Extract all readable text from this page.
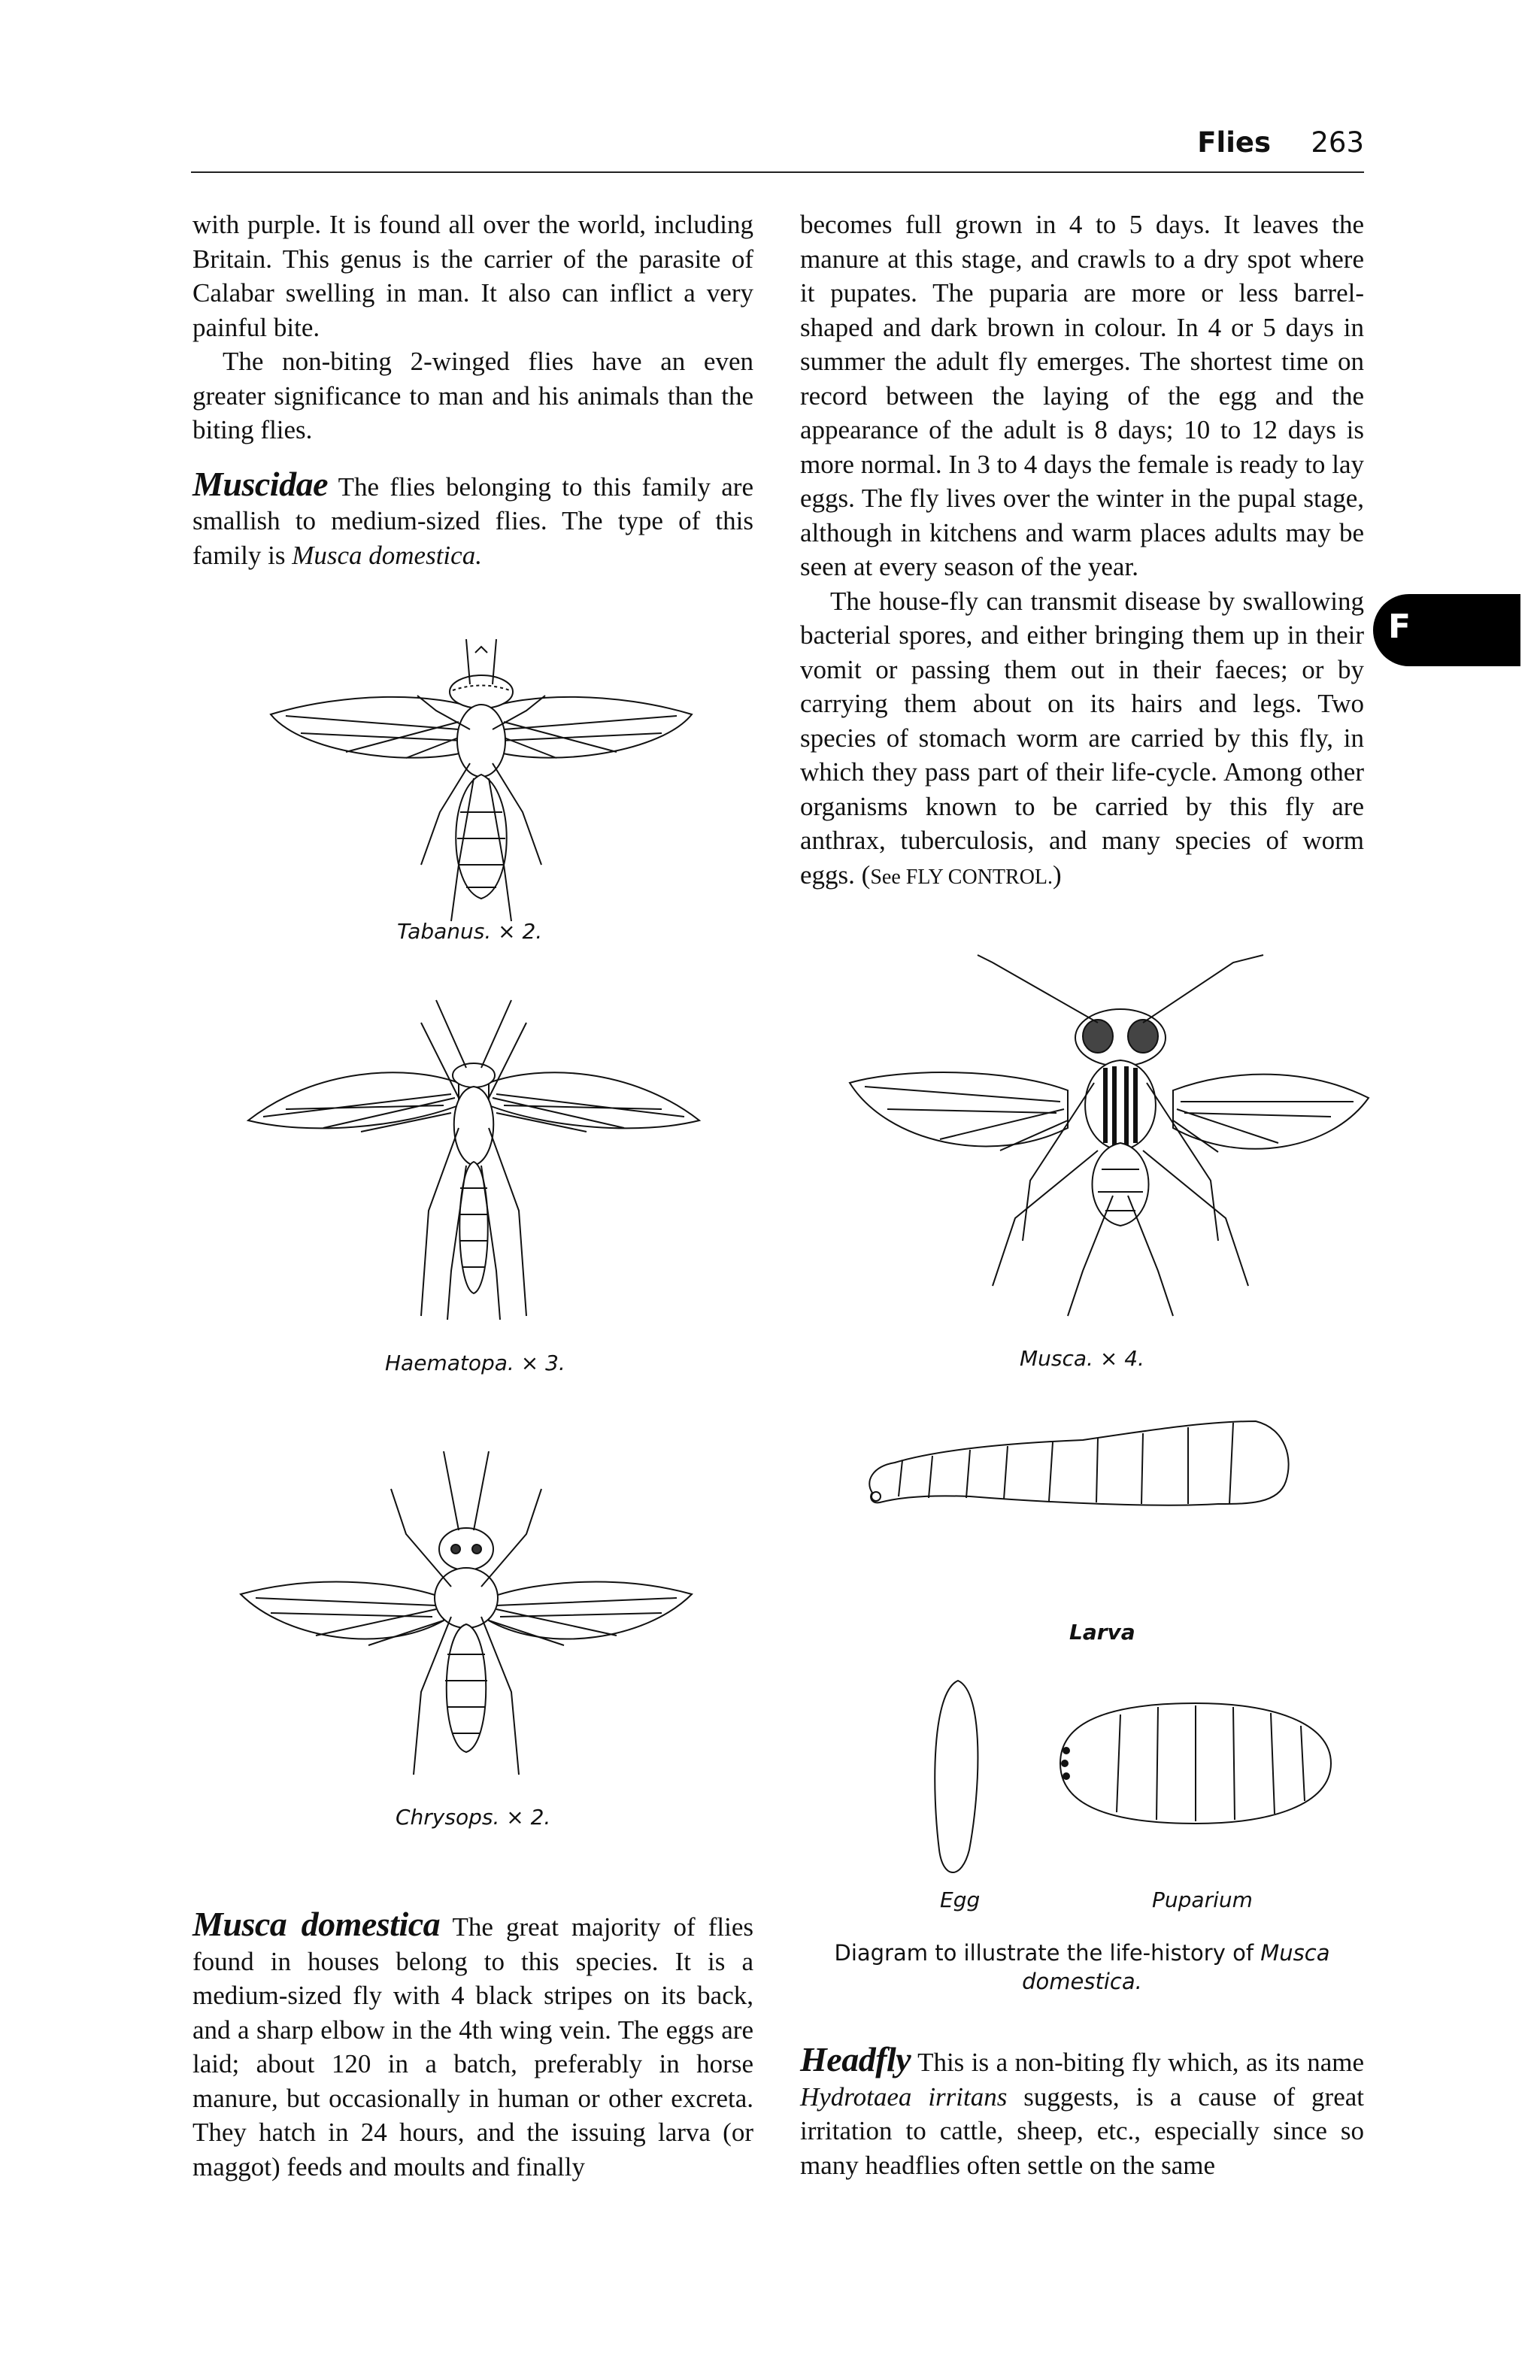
Flies 263
F

with purple. It is found all over the world, including Britain. This genus is the carrier of the parasite of Calabar swelling in man. It also can inflict a very painful bite.

The non-biting 2-winged flies have an even greater significance to man and his animals than the biting flies.

Muscidae The flies belonging to this family are smallish to medium-sized flies. The type of this family is Musca domestica.

Musca domestica The great majority of flies found in houses belong to this species. It is a medium-sized fly with 4 black stripes on its back, and a sharp elbow in the 4th wing vein. The eggs are laid; about 120 in a batch, preferably in horse manure, but occasionally in human or other excreta. They hatch in 24 hours, and the issuing larva (or maggot) feeds and moults and finally

becomes full grown in 4 to 5 days. It leaves the manure at this stage, and crawls to a dry spot where it pupates. The puparia are more or less barrel-shaped and dark brown in colour. In 4 or 5 days in summer the adult fly emerges. The shortest time on record between the laying of the egg and the appearance of the adult is 8 days; 10 to 12 days is more normal. In 3 to 4 days the female is ready to lay eggs. The fly lives over the winter in the pupal stage, although in kitchens and warm places adults may be seen at every season of the year.

The house-fly can transmit disease by swallowing bacterial spores, and either bringing them up in their vomit or passing them out in their faeces; or by carrying them about on its hairs and legs. Two species of stomach worm are carried by this fly, in which they pass part of their life-cycle. Among other organisms known to be carried by this fly are anthrax, tuberculosis, and many species of worm eggs. (See FLY CONTROL.)

Headfly This is a non-biting fly which, as its name Hydrotaea irritans suggests, is a cause of great irritation to cattle, sheep, etc., especially since so many headflies often settle on the same

Tabanus. × 2.
Haematopa. × 3.
Chrysops. × 2.
Musca. × 4.
Larva
Egg	Puparium
Diagram to illustrate the life-history of Musca domestica.
